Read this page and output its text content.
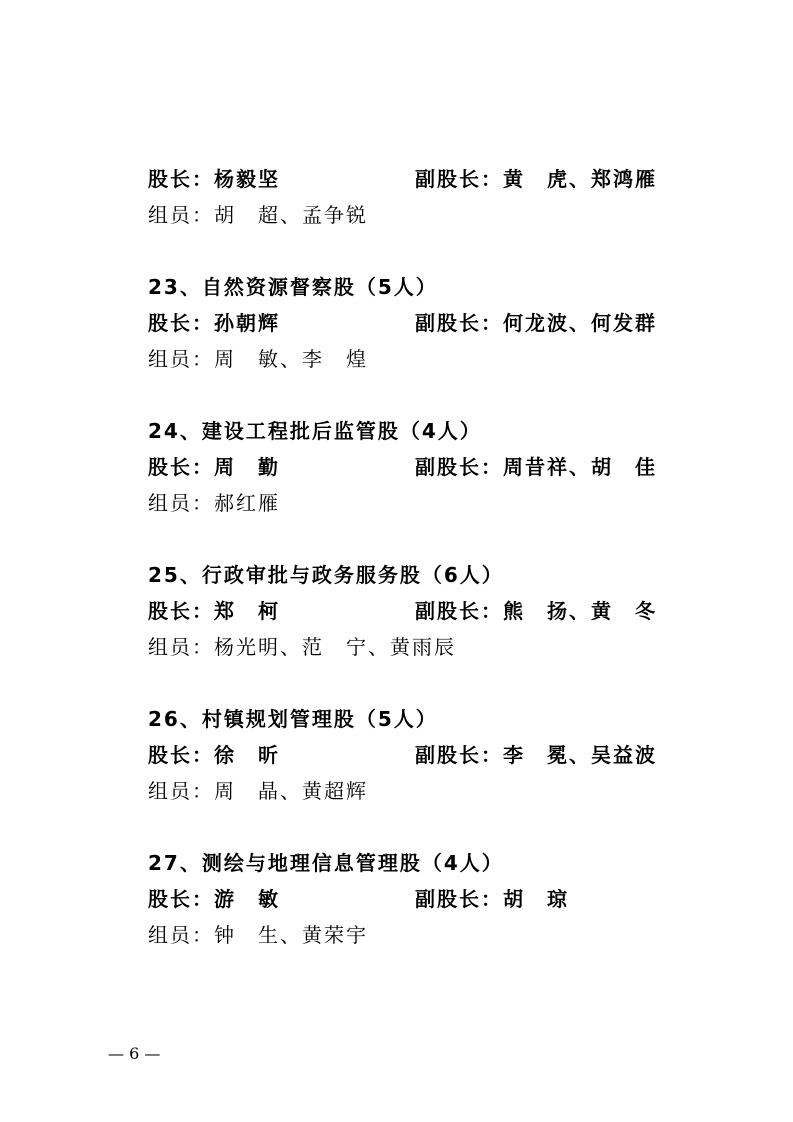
股长：杨毅坚	副股长：黄　虎、郑鸿雁
组员：胡　超、孟争锐
23、自然资源督察股（5人）
股长：孙朝辉	副股长：何龙波、何发群
组员：周　敏、李　煌
24、建设工程批后监管股（4人）
股长：周　勤	副股长：周昔祥、胡　佳
组员：郝红雁
25、行政审批与政务服务股（6人）
股长：郑　柯	副股长：熊　扬、黄　冬
组员：杨光明、范　宁、黄雨辰
26、村镇规划管理股（5人）
股长：徐　昕	副股长：李　冕、吴益波
组员：周　晶、黄超辉
27、测绘与地理信息管理股（4人）
股长：游　敏	副股长：胡　琼
组员：钟　生、黄荣宇
— 6 —
